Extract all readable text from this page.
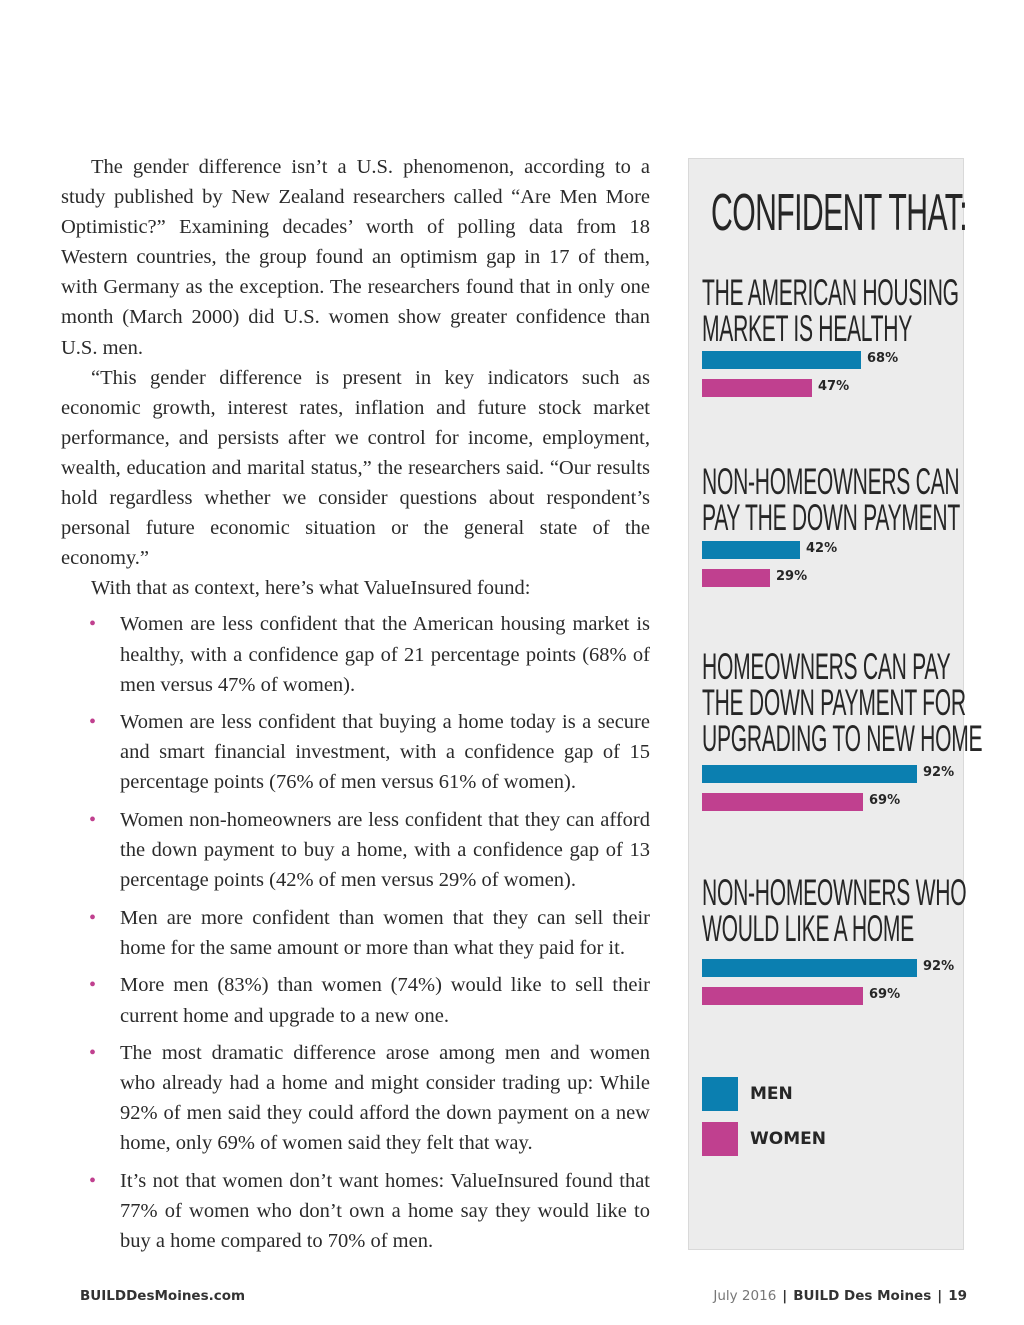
The gender difference isn’t a U.S. phenomenon, according to a study published by New Zealand researchers called “Are Men More Optimistic?” Examining decades’ worth of polling data from 18 Western countries, the group found an optimism gap in 17 of them, with Germany as the exception. The researchers found that in only one month (March 2000) did U.S. women show greater confidence than U.S. men.

“This gender difference is present in key indicators such as economic growth, interest rates, inflation and future stock market performance, and persists after we control for income, employment, wealth, education and marital status,” the researchers said. “Our results hold regardless whether we consider questions about respondent’s personal future economic situation or the general state of the economy.”

With that as context, here’s what ValueInsured found:

• Women are less confident that the American housing market is healthy, with a confidence gap of 21 percentage points (68% of men versus 47% of women).
• Women are less confident that buying a home today is a secure and smart financial investment, with a confidence gap of 15 percentage points (76% of men versus 61% of women).
• Women non-homeowners are less confident that they can afford the down payment to buy a home, with a confidence gap of 13 percentage points (42% of men versus 29% of women).
• Men are more confident than women that they can sell their home for the same amount or more than what they paid for it.
• More men (83%) than women (74%) would like to sell their current home and upgrade to a new one.
• The most dramatic difference arose among men and women who already had a home and might consider trading up: While 92% of men said they could afford the down payment on a new home, only 69% of women said they felt that way.
• It’s not that women don’t want homes: ValueInsured found that 77% of women who don’t own a home say they would like to buy a home compared to 70% of men.
CONFIDENT THAT:
THE AMERICAN HOUSING
MARKET IS HEALTHY
68%
47%
NON-HOMEOWNERS CAN
PAY THE DOWN PAYMENT
42%
29%
HOMEOWNERS CAN PAY
THE DOWN PAYMENT FOR
UPGRADING TO NEW HOME
92%
69%
NON-HOMEOWNERS WHO
WOULD LIKE A HOME
92%
69%
MEN
WOMEN
BUILDDesMoines.com	July 2016 | BUILD Des Moines | 19
